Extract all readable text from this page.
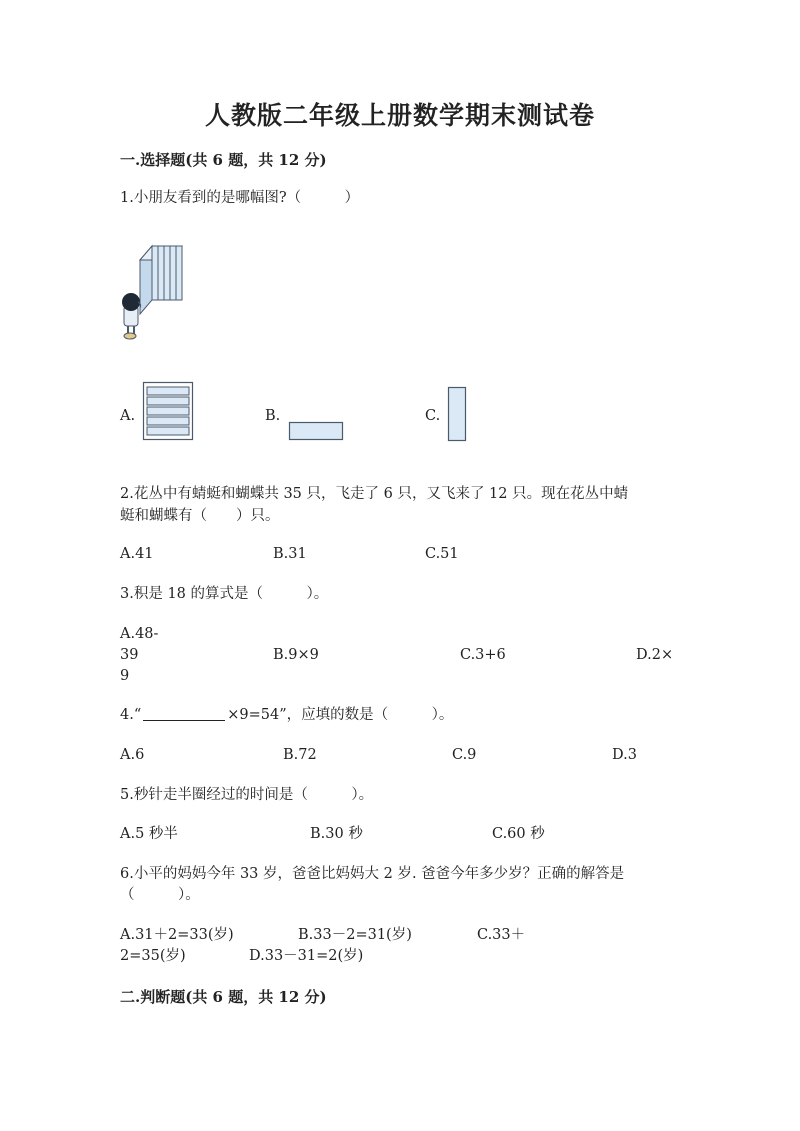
人教版二年级上册数学期末测试卷
一.选择题(共 6 题，共 12 分)
1.小朋友看到的是哪幅图?（　　　）
A.	B.	C.
2.花丛中有蜻蜓和蝴蝶共 35 只，飞走了 6 只，又飞来了 12 只。现在花丛中蜻
蜓和蝴蝶有（　　）只。
A.41	B.31	C.51
3.积是 18 的算式是（　　　）。
A.48-
39	B.9×9	C.3+6	D.2×
9
4.“	×9=54”，应填的数是（　　　）。
A.6	B.72	C.9	D.3
5.秒针走半圈经过的时间是（　　　）。
A.5 秒半	B.30 秒	C.60 秒
6.小平的妈妈今年 33 岁，爸爸比妈妈大 2 岁. 爸爸今年多少岁？正确的解答是
（　　　）。
A.31＋2=33(岁)	B.33－2=31(岁)	C.33＋
2=35(岁)	D.33－31=2(岁)
二.判断题(共 6 题，共 12 分)
